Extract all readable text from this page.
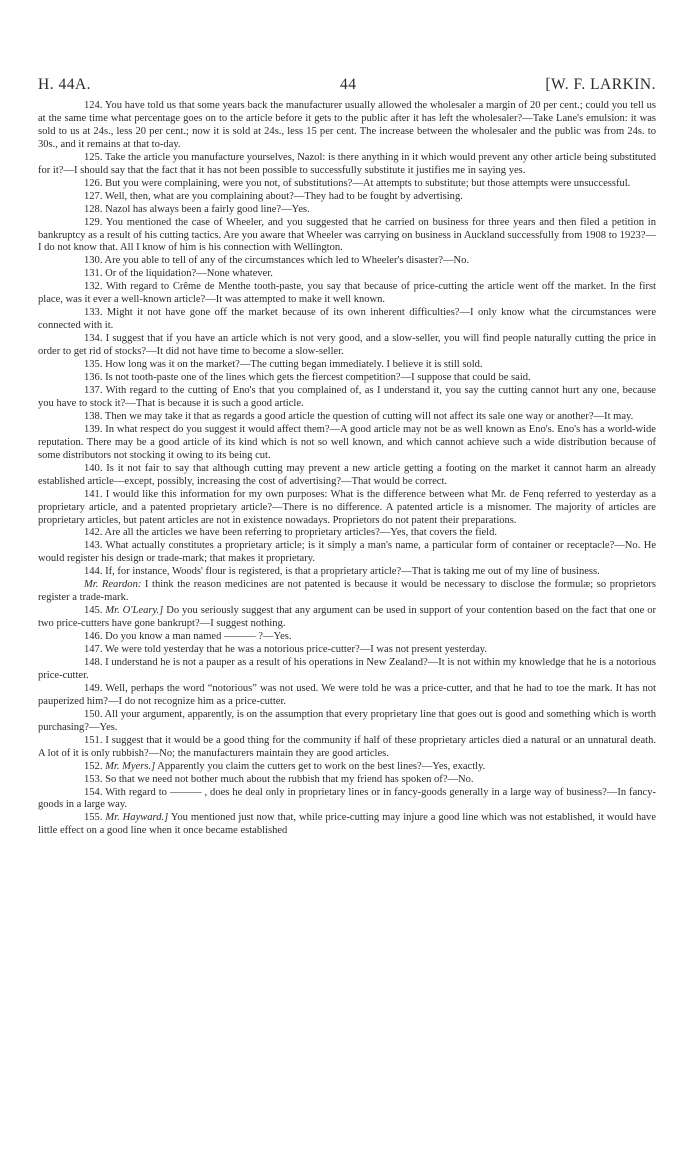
H. 44A.	44	[W. F. LARKIN.

124. You have told us that some years back the manufacturer usually allowed the wholesaler a margin of 20 per cent.; could you tell us at the same time what percentage goes on to the article before it gets to the public after it has left the wholesaler?—Take Lane's emulsion: it was sold to us at 24s., less 20 per cent.; now it is sold at 24s., less 15 per cent. The increase between the wholesaler and the public was from 24s. to 30s., and it remains at that to-day.

125. Take the article you manufacture yourselves, Nazol: is there anything in it which would prevent any other article being substituted for it?—I should say that the fact that it has not been possible to successfully substitute it justifies me in saying yes.

126. But you were complaining, were you not, of substitutions?—At attempts to substitute; but those attempts were unsuccessful.

127. Well, then, what are you complaining about?—They had to be fought by advertising.

128. Nazol has always been a fairly good line?—Yes.

129. You mentioned the case of Wheeler, and you suggested that he carried on business for three years and then filed a petition in bankruptcy as a result of his cutting tactics. Are you aware that Wheeler was carrying on business in Auckland successfully from 1908 to 1923?—I do not know that. All I know of him is his connection with Wellington.

130. Are you able to tell of any of the circumstances which led to Wheeler's disaster?—No.

131. Or of the liquidation?—None whatever.

132. With regard to Crême de Menthe tooth-paste, you say that because of price-cutting the article went off the market. In the first place, was it ever a well-known article?—It was attempted to make it well known.

133. Might it not have gone off the market because of its own inherent difficulties?—I only know what the circumstances were connected with it.

134. I suggest that if you have an article which is not very good, and a slow-seller, you will find people naturally cutting the price in order to get rid of stocks?—It did not have time to become a slow-seller.

135. How long was it on the market?—The cutting began immediately. I believe it is still sold.

136. Is not tooth-paste one of the lines which gets the fiercest competition?—I suppose that could be said.

137. With regard to the cutting of Eno's that you complained of, as I understand it, you say the cutting cannot hurt any one, because you have to stock it?—That is because it is such a good article.

138. Then we may take it that as regards a good article the question of cutting will not affect its sale one way or another?—It may.

139. In what respect do you suggest it would affect them?—A good article may not be as well known as Eno's. Eno's has a world-wide reputation. There may be a good article of its kind which is not so well known, and which cannot achieve such a wide distribution because of some distributors not stocking it owing to its being cut.

140. Is it not fair to say that although cutting may prevent a new article getting a footing on the market it cannot harm an already established article—except, possibly, increasing the cost of advertising?—That would be correct.

141. I would like this information for my own purposes: What is the difference between what Mr. de Fenq referred to yesterday as a proprietary article, and a patented proprietary article?—There is no difference. A patented article is a misnomer. The majority of articles are proprietary articles, but patent articles are not in existence nowadays. Proprietors do not patent their preparations.

142. Are all the articles we have been referring to proprietary articles?—Yes, that covers the field.

143. What actually constitutes a proprietary article; is it simply a man's name, a particular form of container or receptacle?—No. He would register his design or trade-mark; that makes it proprietary.

144. If, for instance, Woods' flour is registered, is that a proprietary article?—That is taking me out of my line of business.

Mr. Reardon: I think the reason medicines are not patented is because it would be necessary to disclose the formulæ; so proprietors register a trade-mark.

145. Mr. O'Leary.] Do you seriously suggest that any argument can be used in support of your contention based on the fact that one or two price-cutters have gone bankrupt?—I suggest nothing.

146. Do you know a man named ——— ?—Yes.

147. We were told yesterday that he was a notorious price-cutter?—I was not present yesterday.

148. I understand he is not a pauper as a result of his operations in New Zealand?—It is not within my knowledge that he is a notorious price-cutter.

149. Well, perhaps the word “notorious” was not used. We were told he was a price-cutter, and that he had to toe the mark. It has not pauperized him?—I do not recognize him as a price-cutter.

150. All your argument, apparently, is on the assumption that every proprietary line that goes out is good and something which is worth purchasing?—Yes.

151. I suggest that it would be a good thing for the community if half of these proprietary articles died a natural or an unnatural death. A lot of it is only rubbish?—No; the manufacturers maintain they are good articles.

152. Mr. Myers.] Apparently you claim the cutters get to work on the best lines?—Yes, exactly.

153. So that we need not bother much about the rubbish that my friend has spoken of?—No.

154. With regard to ——— , does he deal only in proprietary lines or in fancy-goods generally in a large way of business?—In fancy-goods in a large way.

155. Mr. Hayward.] You mentioned just now that, while price-cutting may injure a good line which was not established, it would have little effect on a good line when it once became established
